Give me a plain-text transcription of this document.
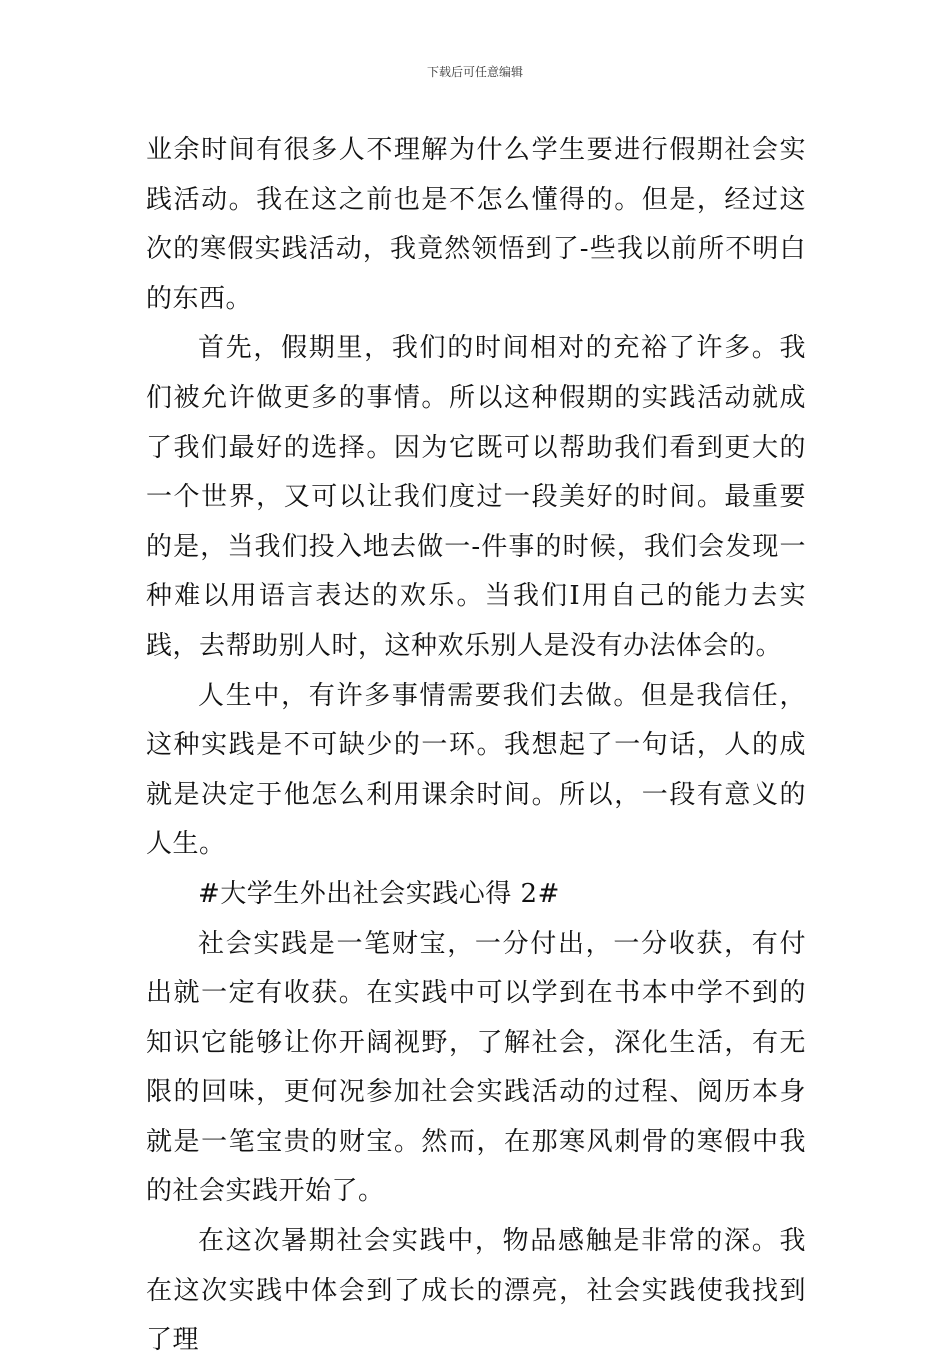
下载后可任意编辑

业余时间有很多人不理解为什么学生要进行假期社会实践活动。我在这之前也是不怎么懂得的。但是，经过这次的寒假实践活动，我竟然领悟到了-些我以前所不明白的东西。

首先，假期里，我们的时间相对的充裕了许多。我们被允许做更多的事情。所以这种假期的实践活动就成了我们最好的选择。因为它既可以帮助我们看到更大的一个世界，又可以让我们度过一段美好的时间。最重要的是，当我们投入地去做一-件事的时候，我们会发现一种难以用语言表达的欢乐。当我们I用自己的能力去实践，去帮助别人时，这种欢乐别人是没有办法体会的。

人生中，有许多事情需要我们去做。但是我信任，这种实践是不可缺少的一环。我想起了一句话，人的成就是决定于他怎么利用课余时间。所以，一段有意义的人生。

#大学生外出社会实践心得 2#

社会实践是一笔财宝，一分付出，一分收获，有付出就一定有收获。在实践中可以学到在书本中学不到的知识它能够让你开阔视野，了解社会，深化生活，有无限的回味，更何况参加社会实践活动的过程、阅历本身就是一笔宝贵的财宝。然而，在那寒风刺骨的寒假中我的社会实践开始了。

在这次暑期社会实践中，物品感触是非常的深。我在这次实践中体会到了成长的漂亮，社会实践使我找到了理
